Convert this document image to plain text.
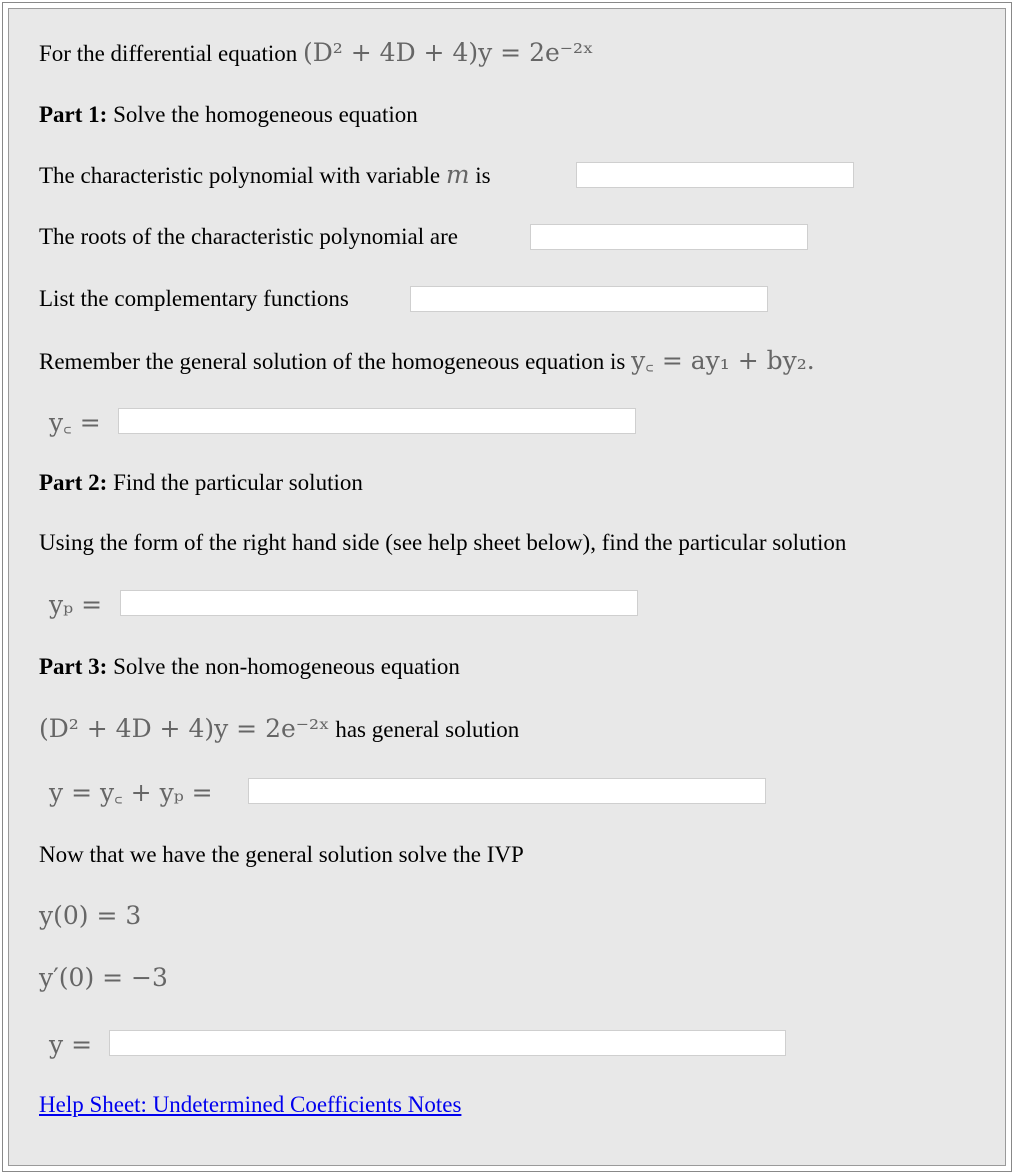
For the differential equation (D² + 4D + 4)y = 2e⁻²ˣ
Part 1: Solve the homogeneous equation
The characteristic polynomial with variable m is
The roots of the characteristic polynomial are
List the complementary functions
Remember the general solution of the homogeneous equation is y꜀ = ay₁ + by₂.
y꜀ =
Part 2: Find the particular solution
Using the form of the right hand side (see help sheet below), find the particular solution
yₚ =
Part 3: Solve the non-homogeneous equation
(D² + 4D + 4)y = 2e⁻²ˣ has general solution
y = y꜀ + yₚ =
Now that we have the general solution solve the IVP
y(0) = 3
y′(0) = −3
y =
Help Sheet: Undetermined Coefficients Notes
